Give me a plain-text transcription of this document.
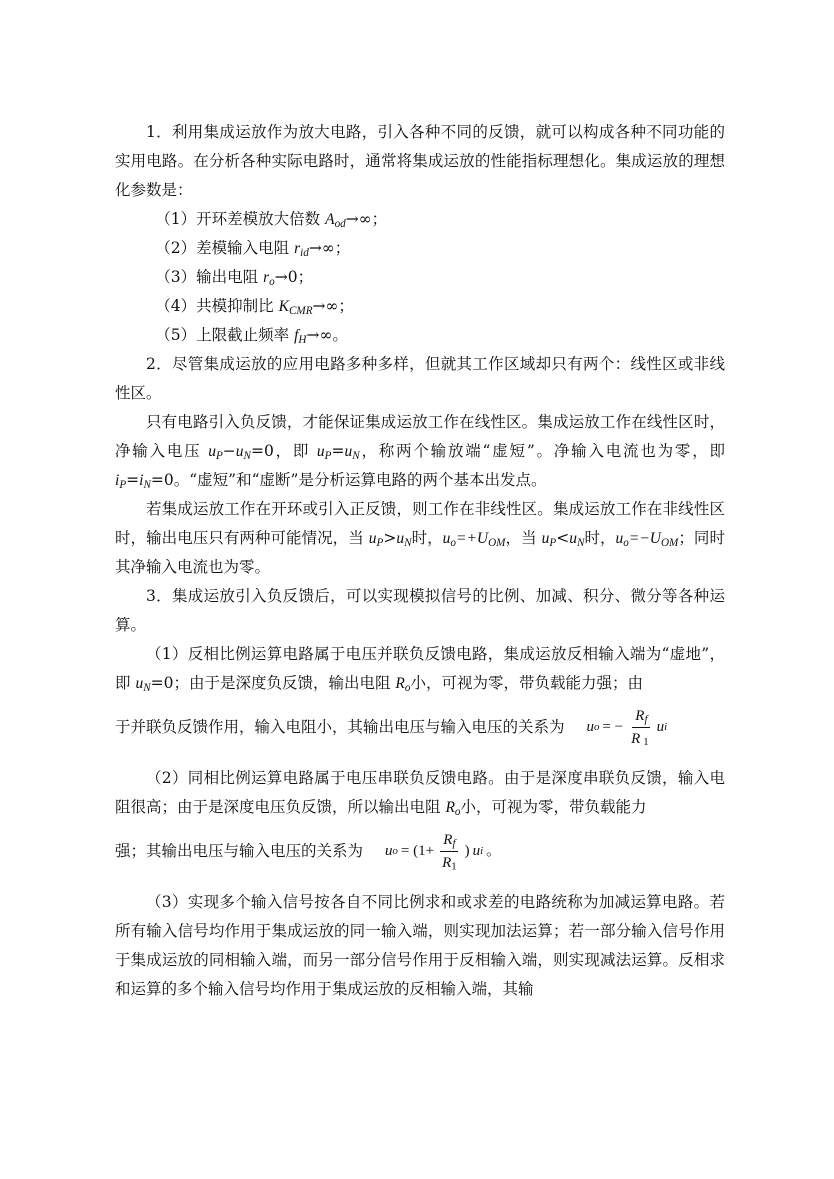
1．利用集成运放作为放大电路，引入各种不同的反馈，就可以构成各种不同功能的实用电路。在分析各种实际电路时，通常将集成运放的性能指标理想化。集成运放的理想化参数是：

（1）开环差模放大倍数 $A_{od}\to\infty$；

（2）差模输入电阻 $r_{id}\to\infty$；

（3）输出电阻 $r_o\to 0$；

（4）共模抑制比 $K_{CMR}\to\infty$；

（5）上限截止频率 $f_H\to\infty$。

2．尽管集成运放的应用电路多种多样，但就其工作区域却只有两个：线性区或非线性区。

只有电路引入负反馈，才能保证集成运放工作在线性区。集成运放工作在线性区时，净输入电压 $u_P-u_N=0$，即 $u_P=u_N$，称两个输放端“虚短”。净输入电流也为零，即 $i_P=i_N=0$。“虚短”和“虚断”是分析运算电路的两个基本出发点。

若集成运放工作在开环或引入正反馈，则工作在非线性区。集成运放工作在非线性区时，输出电压只有两种可能情况，当 $u_P>u_N$时，$u_o=+U_{OM}$，当 $u_P<u_N$时，$u_o=-U_{OM}$；同时其净输入电流也为零。

3．集成运放引入负反馈后，可以实现模拟信号的比例、加减、积分、微分等各种运算。

（1）反相比例运算电路属于电压并联负反馈电路，集成运放反相输入端为“虚地”，即 $u_N=0$；由于是深度负反馈，输出电阻 $R_o$小，可视为零，带负载能力强；由

于并联负反馈作用，输入电阻小，其输出电压与输入电压的关系为 u o = − $\frac{R_f}{R _1}$ u i

（2）同相比例运算电路属于电压串联负反馈电路。由于是深度串联负反馈，输入电阻很高；由于是深度电压负反馈，所以输出电阻 $R_o$小，可视为零，带负载能力

强；其输出电压与输入电压的关系为 u $o = (1+ \frac{R_f}{R_1}$ ) u i 。

（3）实现多个输入信号按各自不同比例求和或求差的电路统称为加减运算电路。若所有输入信号均作用于集成运放的同一输入端，则实现加法运算；若一部分输入信号作用于集成运放的同相输入端，而另一部分信号作用于反相输入端，则实现减法运算。反相求和运算的多个输入信号均作用于集成运放的反相输入端，其输
